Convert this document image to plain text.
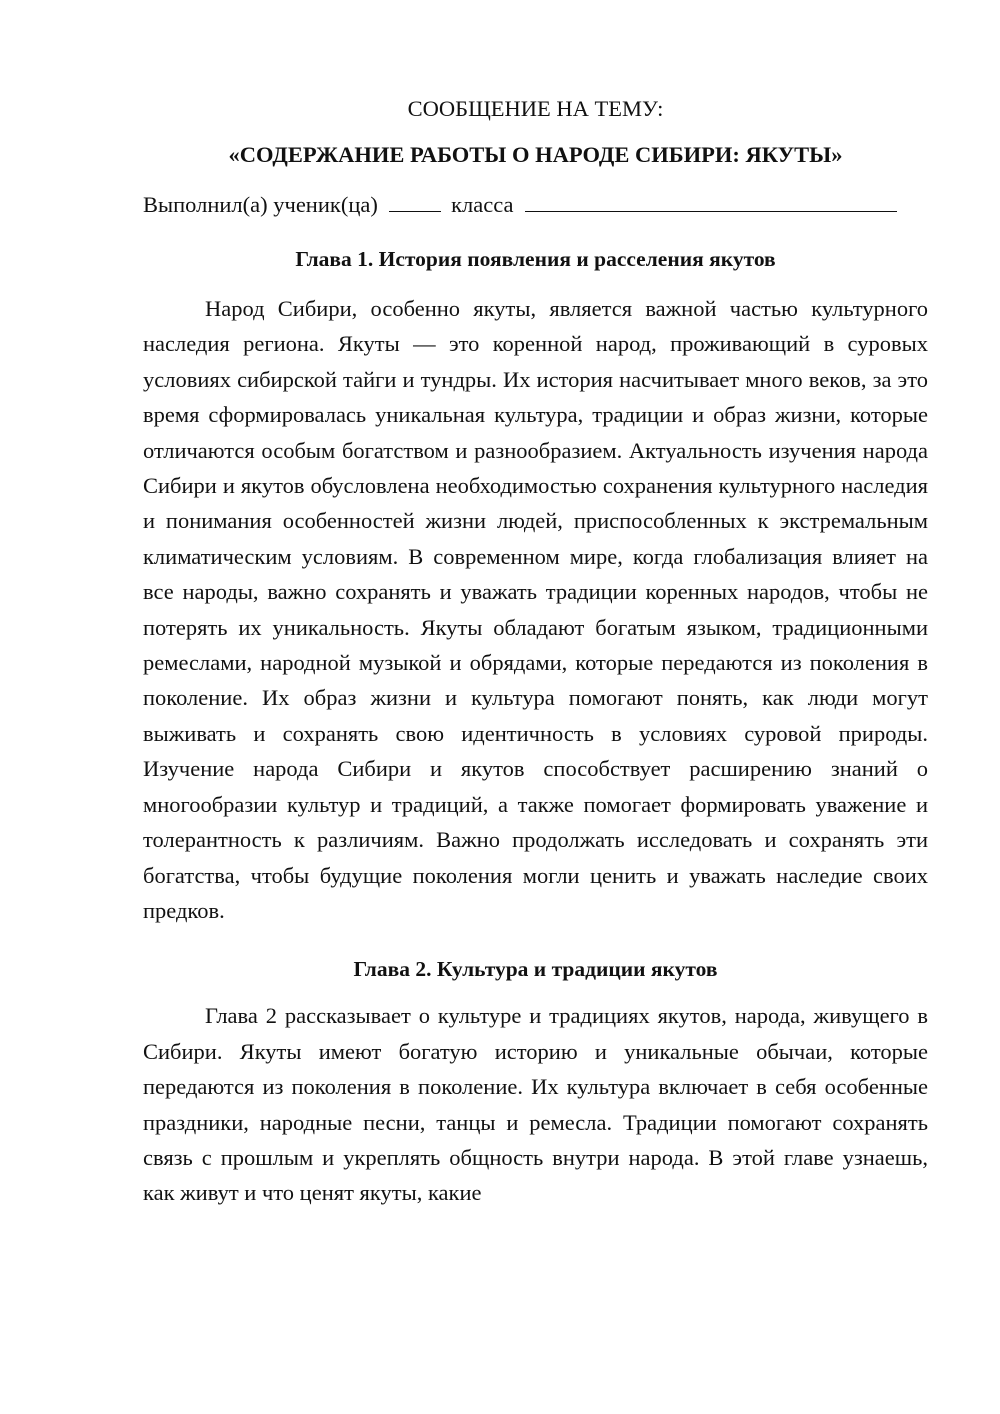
СООБЩЕНИЕ НА ТЕМУ:

«СОДЕРЖАНИЕ РАБОТЫ О НАРОДЕ СИБИРИ: ЯКУТЫ»

Выполнил(а) ученик(ца)	класса

Глава 1. История появления и расселения якутов

Народ Сибири, особенно якуты, является важной частью культурного наследия региона. Якуты — это коренной народ, проживающий в суровых условиях сибирской тайги и тундры. Их история насчитывает много веков, за это время сформировалась уникальная культура, традиции и образ жизни, которые отличаются особым богатством и разнообразием. Актуальность изучения народа Сибири и якутов обусловлена необходимостью сохранения культурного наследия и понимания особенностей жизни людей, приспособленных к экстремальным климатическим условиям. В современном мире, когда глобализация влияет на все народы, важно сохранять и уважать традиции коренных народов, чтобы не потерять их уникальность. Якуты обладают богатым языком, традиционными ремеслами, народной музыкой и обрядами, которые передаются из поколения в поколение. Их образ жизни и культура помогают понять, как люди могут выживать и сохранять свою идентичность в условиях суровой природы. Изучение народа Сибири и якутов способствует расширению знаний о многообразии культур и традиций, а также помогает формировать уважение и толерантность к различиям. Важно продолжать исследовать и сохранять эти богатства, чтобы будущие поколения могли ценить и уважать наследие своих предков.

Глава 2. Культура и традиции якутов

Глава 2 рассказывает о культуре и традициях якутов, народа, живущего в Сибири. Якуты имеют богатую историю и уникальные обычаи, которые передаются из поколения в поколение. Их культура включает в себя особенные праздники, народные песни, танцы и ремесла. Традиции помогают сохранять связь с прошлым и укреплять общность внутри народа. В этой главе узнаешь, как живут и что ценят якуты, какие
